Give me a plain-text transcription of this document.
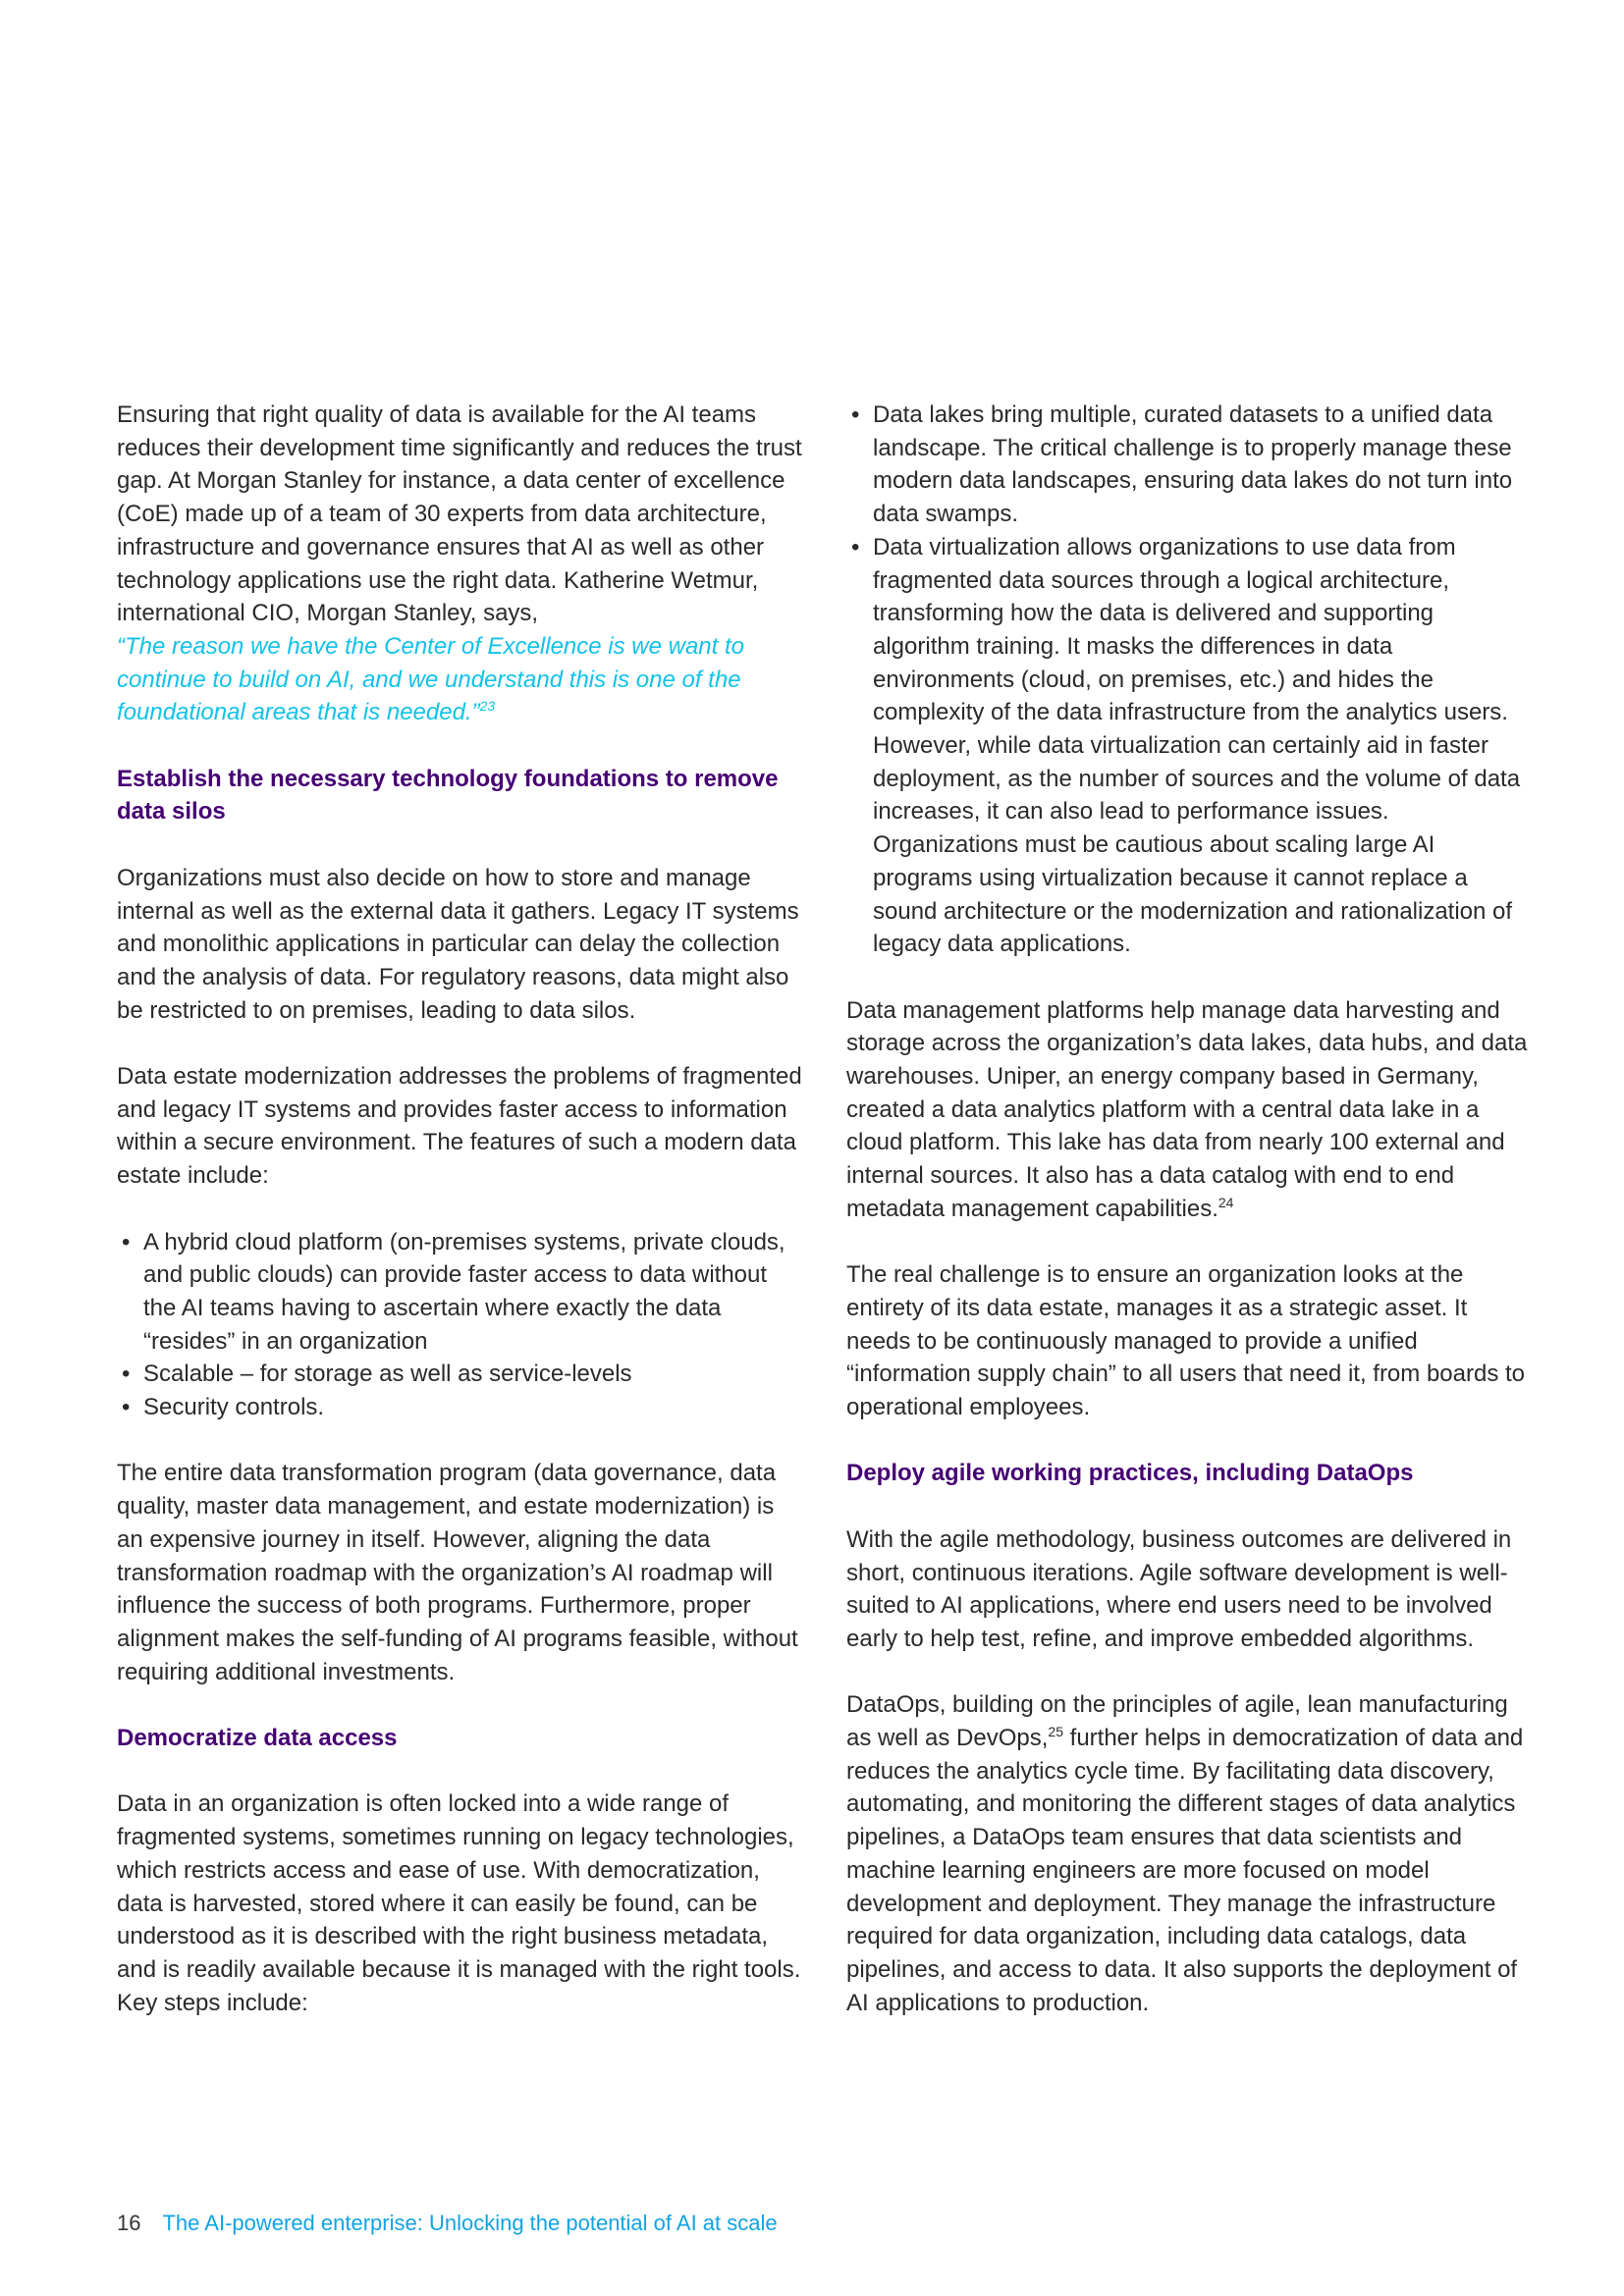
Ensuring that right quality of data is available for the AI teams reduces their development time significantly and reduces the trust gap. At Morgan Stanley for instance, a data center of excellence (CoE) made up of a team of 30 experts from data architecture, infrastructure and governance ensures that AI as well as other technology applications use the right data. Katherine Wetmur, international CIO, Morgan Stanley, says,

“The reason we have the Center of Excellence is we want to continue to build on AI, and we understand this is one of the foundational areas that is needed.”$^{23}$

Establish the necessary technology foundations to remove data silos

Organizations must also decide on how to store and manage internal as well as the external data it gathers. Legacy IT systems and monolithic applications in particular can delay the collection and the analysis of data. For regulatory reasons, data might also be restricted to on premises, leading to data silos.

Data estate modernization addresses the problems of fragmented and legacy IT systems and provides faster access to information within a secure environment. The features of such a modern data estate include:

• A hybrid cloud platform (on-premises systems, private clouds, and public clouds) can provide faster access to data without the AI teams having to ascertain where exactly the data “resides” in an organization
• Scalable – for storage as well as service-levels
• Security controls.

The entire data transformation program (data governance, data quality, master data management, and estate modernization) is an expensive journey in itself. However, aligning the data transformation roadmap with the organization’s AI roadmap will influence the success of both programs. Furthermore, proper alignment makes the self-funding of AI programs feasible, without requiring additional investments.

Democratize data access

Data in an organization is often locked into a wide range of fragmented systems, sometimes running on legacy technologies, which restricts access and ease of use. With democratization, data is harvested, stored where it can easily be found, can be understood as it is described with the right business metadata, and is readily available because it is managed with the right tools. Key steps include:

• Data lakes bring multiple, curated datasets to a unified data landscape. The critical challenge is to properly manage these modern data landscapes, ensuring data lakes do not turn into data swamps.
• Data virtualization allows organizations to use data from fragmented data sources through a logical architecture, transforming how the data is delivered and supporting algorithm training. It masks the differences in data environments (cloud, on premises, etc.) and hides the complexity of the data infrastructure from the analytics users. However, while data virtualization can certainly aid in faster deployment, as the number of sources and the volume of data increases, it can also lead to performance issues. Organizations must be cautious about scaling large AI programs using virtualization because it cannot replace a sound architecture or the modernization and rationalization of legacy data applications.

Data management platforms help manage data harvesting and storage across the organization’s data lakes, data hubs, and data warehouses. Uniper, an energy company based in Germany, created a data analytics platform with a central data lake in a cloud platform. This lake has data from nearly 100 external and internal sources. It also has a data catalog with end to end metadata management capabilities.$^{24}$

The real challenge is to ensure an organization looks at the entirety of its data estate, manages it as a strategic asset. It needs to be continuously managed to provide a unified “information supply chain” to all users that need it, from boards to operational employees.

Deploy agile working practices, including DataOps

With the agile methodology, business outcomes are delivered in short, continuous iterations. Agile software development is well-suited to AI applications, where end users need to be involved early to help test, refine, and improve embedded algorithms.

DataOps, building on the principles of agile, lean manufacturing as well as DevOps,$^{25}$ further helps in democratization of data and reduces the analytics cycle time. By facilitating data discovery, automating, and monitoring the different stages of data analytics pipelines, a DataOps team ensures that data scientists and machine learning engineers are more focused on model development and deployment. They manage the infrastructure required for data organization, including data catalogs, data pipelines, and access to data. It also supports the deployment of AI applications to production.

16 The AI-powered enterprise: Unlocking the potential of AI at scale
